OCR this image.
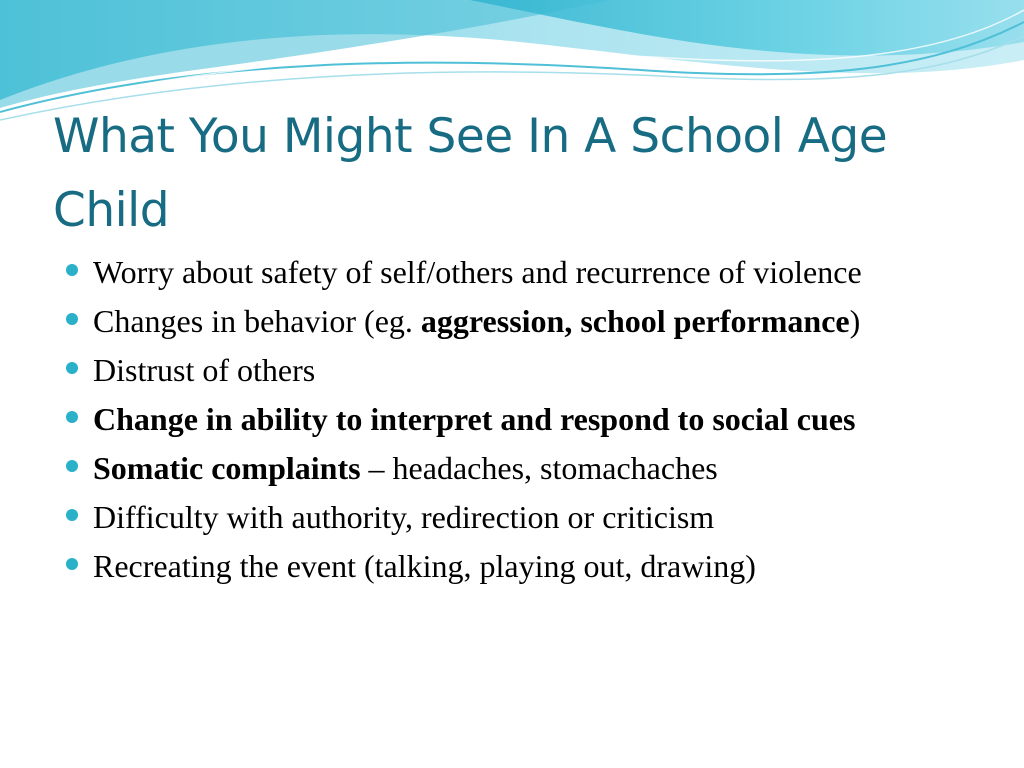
What You Might See In A School Age Child
Worry about safety of self/others and recurrence of violence
Changes in behavior (eg. aggression, school performance)
Distrust of others
Change in ability to interpret and respond to social cues
Somatic complaints – headaches, stomachaches
Difficulty with authority, redirection or criticism
Recreating the event (talking, playing out, drawing)
